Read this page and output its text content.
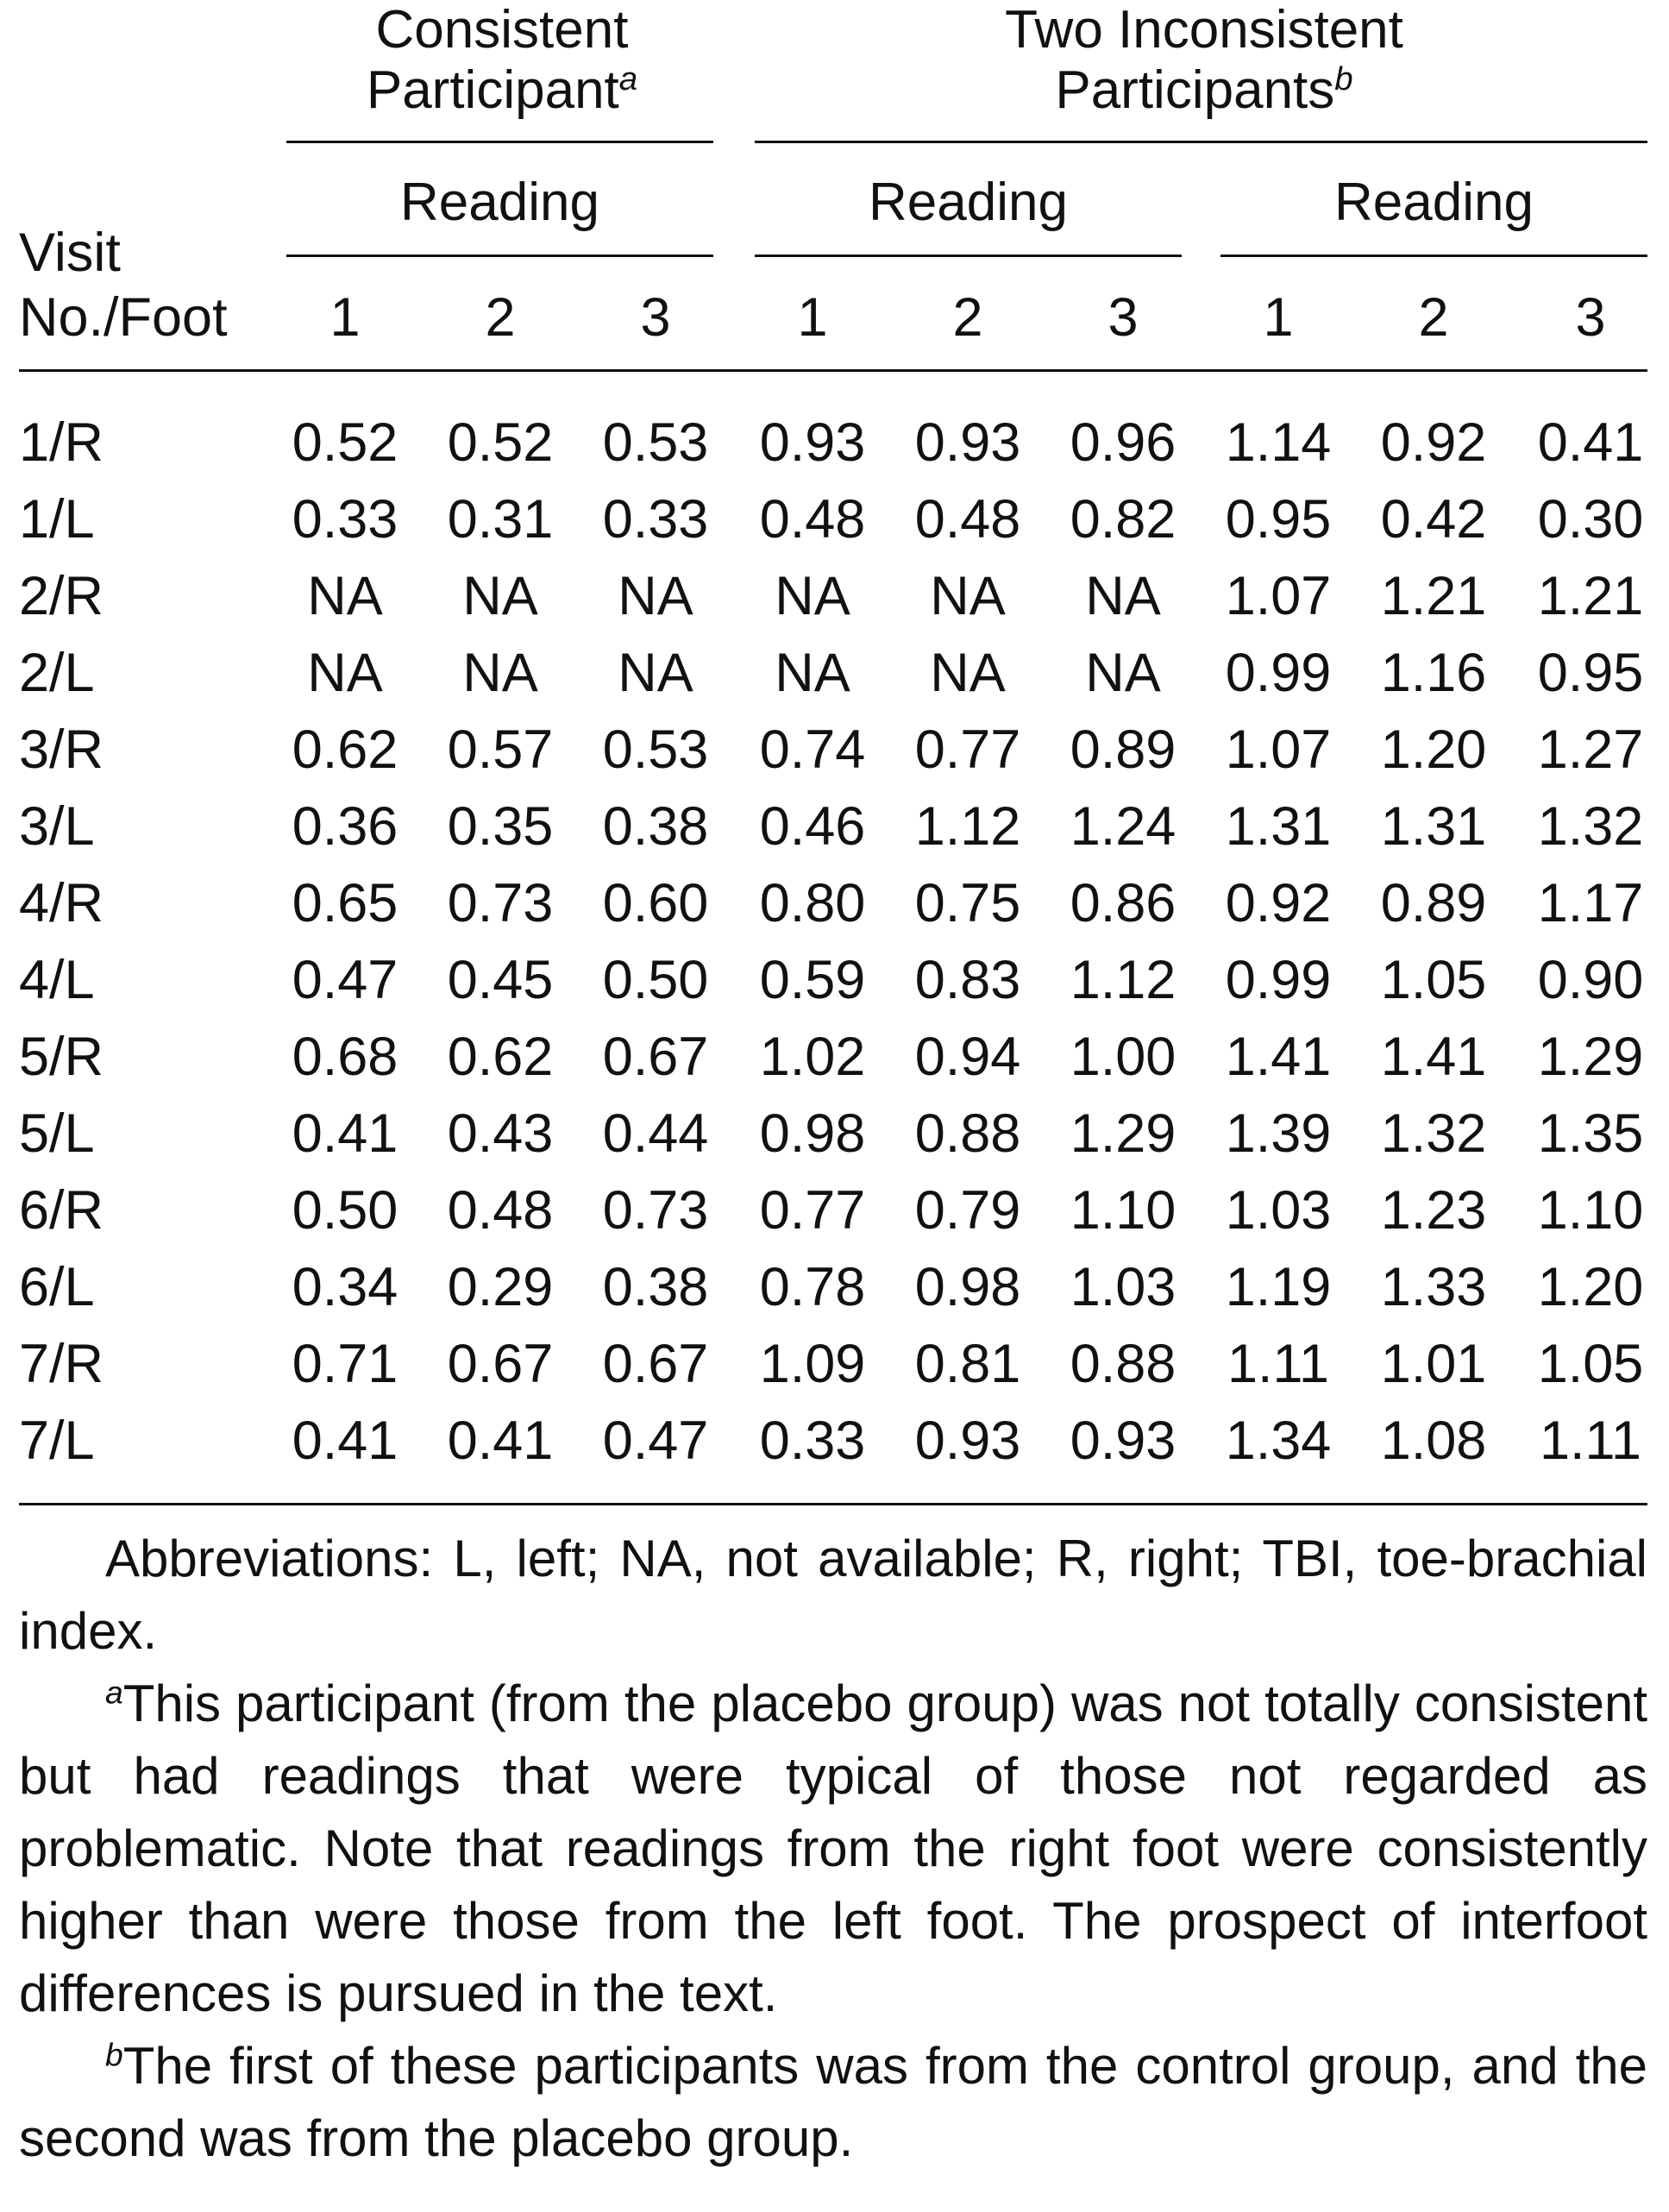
Consistent
Participant$^a$
Two Inconsistent
Participants$^b$
Reading	Reading	Reading
Visit
No./Foot	1	2	3	1	2	3	1	2	3
1/R	0.52 0.52 0.53 0.93 0.93 0.96 1.14 0.92 0.41
1/L	0.33 0.31 0.33 0.48 0.48 0.82 0.95 0.42 0.30
2/R	NA	NA	NA	NA	NA	NA	1.07 1.21 1.21
2/L	NA	NA	NA	NA	NA	NA	0.99 1.16 0.95
3/R	0.62 0.57 0.53 0.74 0.77 0.89 1.07 1.20 1.27
3/L	0.36 0.35 0.38 0.46 1.12 1.24 1.31 1.31 1.32
4/R	0.65 0.73 0.60 0.80 0.75 0.86 0.92 0.89 1.17
4/L	0.47 0.45 0.50 0.59 0.83 1.12 0.99 1.05 0.90
5/R	0.68 0.62 0.67 1.02 0.94 1.00 1.41 1.41 1.29
5/L	0.41 0.43 0.44 0.98 0.88 1.29 1.39 1.32 1.35
6/R	0.50 0.48 0.73 0.77 0.79 1.10 1.03 1.23 1.10
6/L	0.34 0.29 0.38 0.78 0.98 1.03 1.19 1.33 1.20
7/R	0.71 0.67 0.67 1.09 0.81 0.88 1.11 1.01 1.05
7/L	0.41 0.41 0.47 0.33 0.93 0.93 1.34 1.08 1.11

Abbreviations: L, left; NA, not available; R, right; TBI, toe-brachial index.

$^a$This participant (from the placebo group) was not totally consistent but had readings that were typical of those not regarded as problematic. Note that readings from the right foot were consistently higher than were those from the left foot. The prospect of interfoot differences is pursued in the text.

$^b$The first of these participants was from the control group, and the second was from the placebo group.
